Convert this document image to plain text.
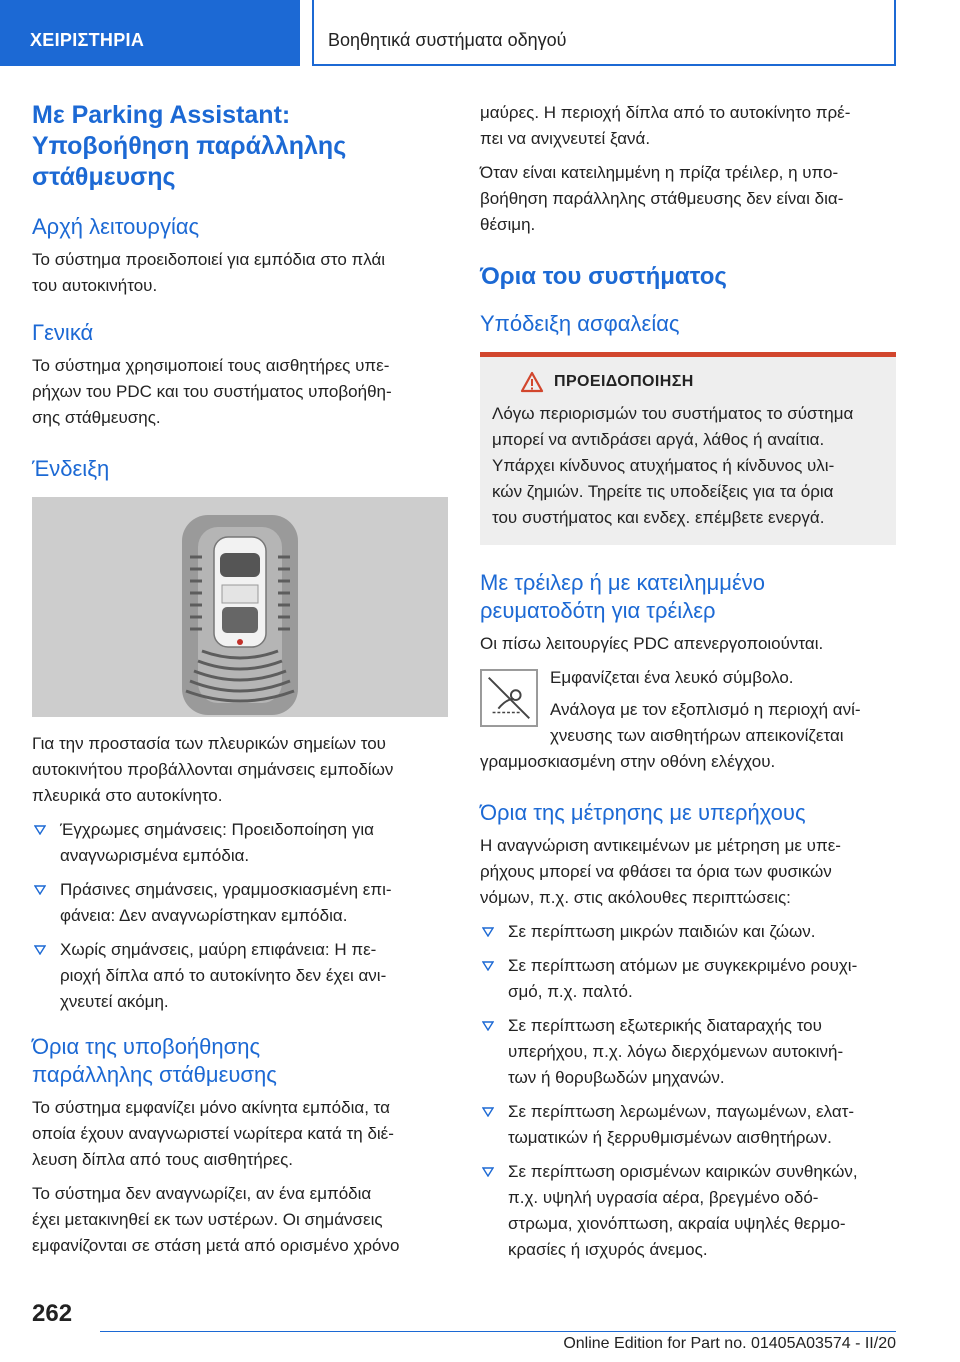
ΧΕΙΡΙΣΤΗΡΙΑ	Βοηθητικά συστήματα οδηγού
Με Parking Assistant:
Υποβοήθηση παράλληλης
στάθμευσης
Αρχή λειτουργίας
Το σύστημα προειδοποιεί για εμπόδια στο πλάι
του αυτοκινήτου.
Γενικά
Το σύστημα χρησιμοποιεί τους αισθητήρες υπε‐
ρήχων του PDC και του συστήματος υποβοήθη‐
σης στάθμευσης.
Ένδειξη
Για την προστασία των πλευρικών σημείων του
αυτοκινήτου προβάλλονται σημάνσεις εμποδίων
πλευρικά στο αυτοκίνητο.
Έγχρωμες σημάνσεις: Προειδοποίηση για
αναγνωρισμένα εμπόδια.
Πράσινες σημάνσεις, γραμμοσκιασμένη επι‐
φάνεια: Δεν αναγνωρίστηκαν εμπόδια.
Χωρίς σημάνσεις, μαύρη επιφάνεια: Η πε‐
ριοχή δίπλα από το αυτοκίνητο δεν έχει ανι‐
χνευτεί ακόμη.
Όρια της υποβοήθησης
παράλληλης στάθμευσης
Το σύστημα εμφανίζει μόνο ακίνητα εμπόδια, τα
οποία έχουν αναγνωριστεί νωρίτερα κατά τη διέ‐
λευση δίπλα από τους αισθητήρες.
Το σύστημα δεν αναγνωρίζει, αν ένα εμπόδια
έχει μετακινηθεί εκ των υστέρων. Οι σημάνσεις
εμφανίζονται σε στάση μετά από ορισμένο χρόνο
μαύρες. Η περιοχή δίπλα από το αυτοκίνητο πρέ‐
πει να ανιχνευτεί ξανά.
Όταν είναι κατειλημμένη η πρίζα τρέιλερ, η υπο‐
βοήθηση παράλληλης στάθμευσης δεν είναι δια‐
θέσιμη.
Όρια του συστήματος
Υπόδειξη ασφαλείας
ΠΡΟΕΙΔΟΠΟΙΗΣΗ
Λόγω περιορισμών του συστήματος το σύστημα
μπορεί να αντιδράσει αργά, λάθος ή αναίτια.
Υπάρχει κίνδυνος ατυχήματος ή κίνδυνος υλι‐
κών ζημιών. Τηρείτε τις υποδείξεις για τα όρια
του συστήματος και ενδεχ. επέμβετε ενεργά.
Με τρέιλερ ή με κατειλημμένο
ρευματοδότη για τρέιλερ
Οι πίσω λειτουργίες PDC απενεργοποιούνται.
Εμφανίζεται ένα λευκό σύμβολο.
Ανάλογα με τον εξοπλισμό η περιοχή ανί‐
χνευσης των αισθητήρων απεικονίζεται
γραμμοσκιασμένη στην οθόνη ελέγχου.
Όρια της μέτρησης με υπερήχους
Η αναγνώριση αντικειμένων με μέτρηση με υπε‐
ρήχους μπορεί να φθάσει τα όρια των φυσικών
νόμων, π.χ. στις ακόλουθες περιπτώσεις:
Σε περίπτωση μικρών παιδιών και ζώων.
Σε περίπτωση ατόμων με συγκεκριμένο ρουχι‐
σμό, π.χ. παλτό.
Σε περίπτωση εξωτερικής διαταραχής του
υπερήχου, π.χ. λόγω διερχόμενων αυτοκινή‐
των ή θορυβωδών μηχανών.
Σε περίπτωση λερωμένων, παγωμένων, ελατ‐
τωματικών ή ξερρυθμισμένων αισθητήρων.
Σε περίπτωση ορισμένων καιρικών συνθηκών,
π.χ. υψηλή υγρασία αέρα, βρεγμένο οδό‐
στρωμα, χιονόπτωση, ακραία υψηλές θερμο‐
κρασίες ή ισχυρός άνεμος.
262
Online Edition for Part no. 01405A03574 - II/20
